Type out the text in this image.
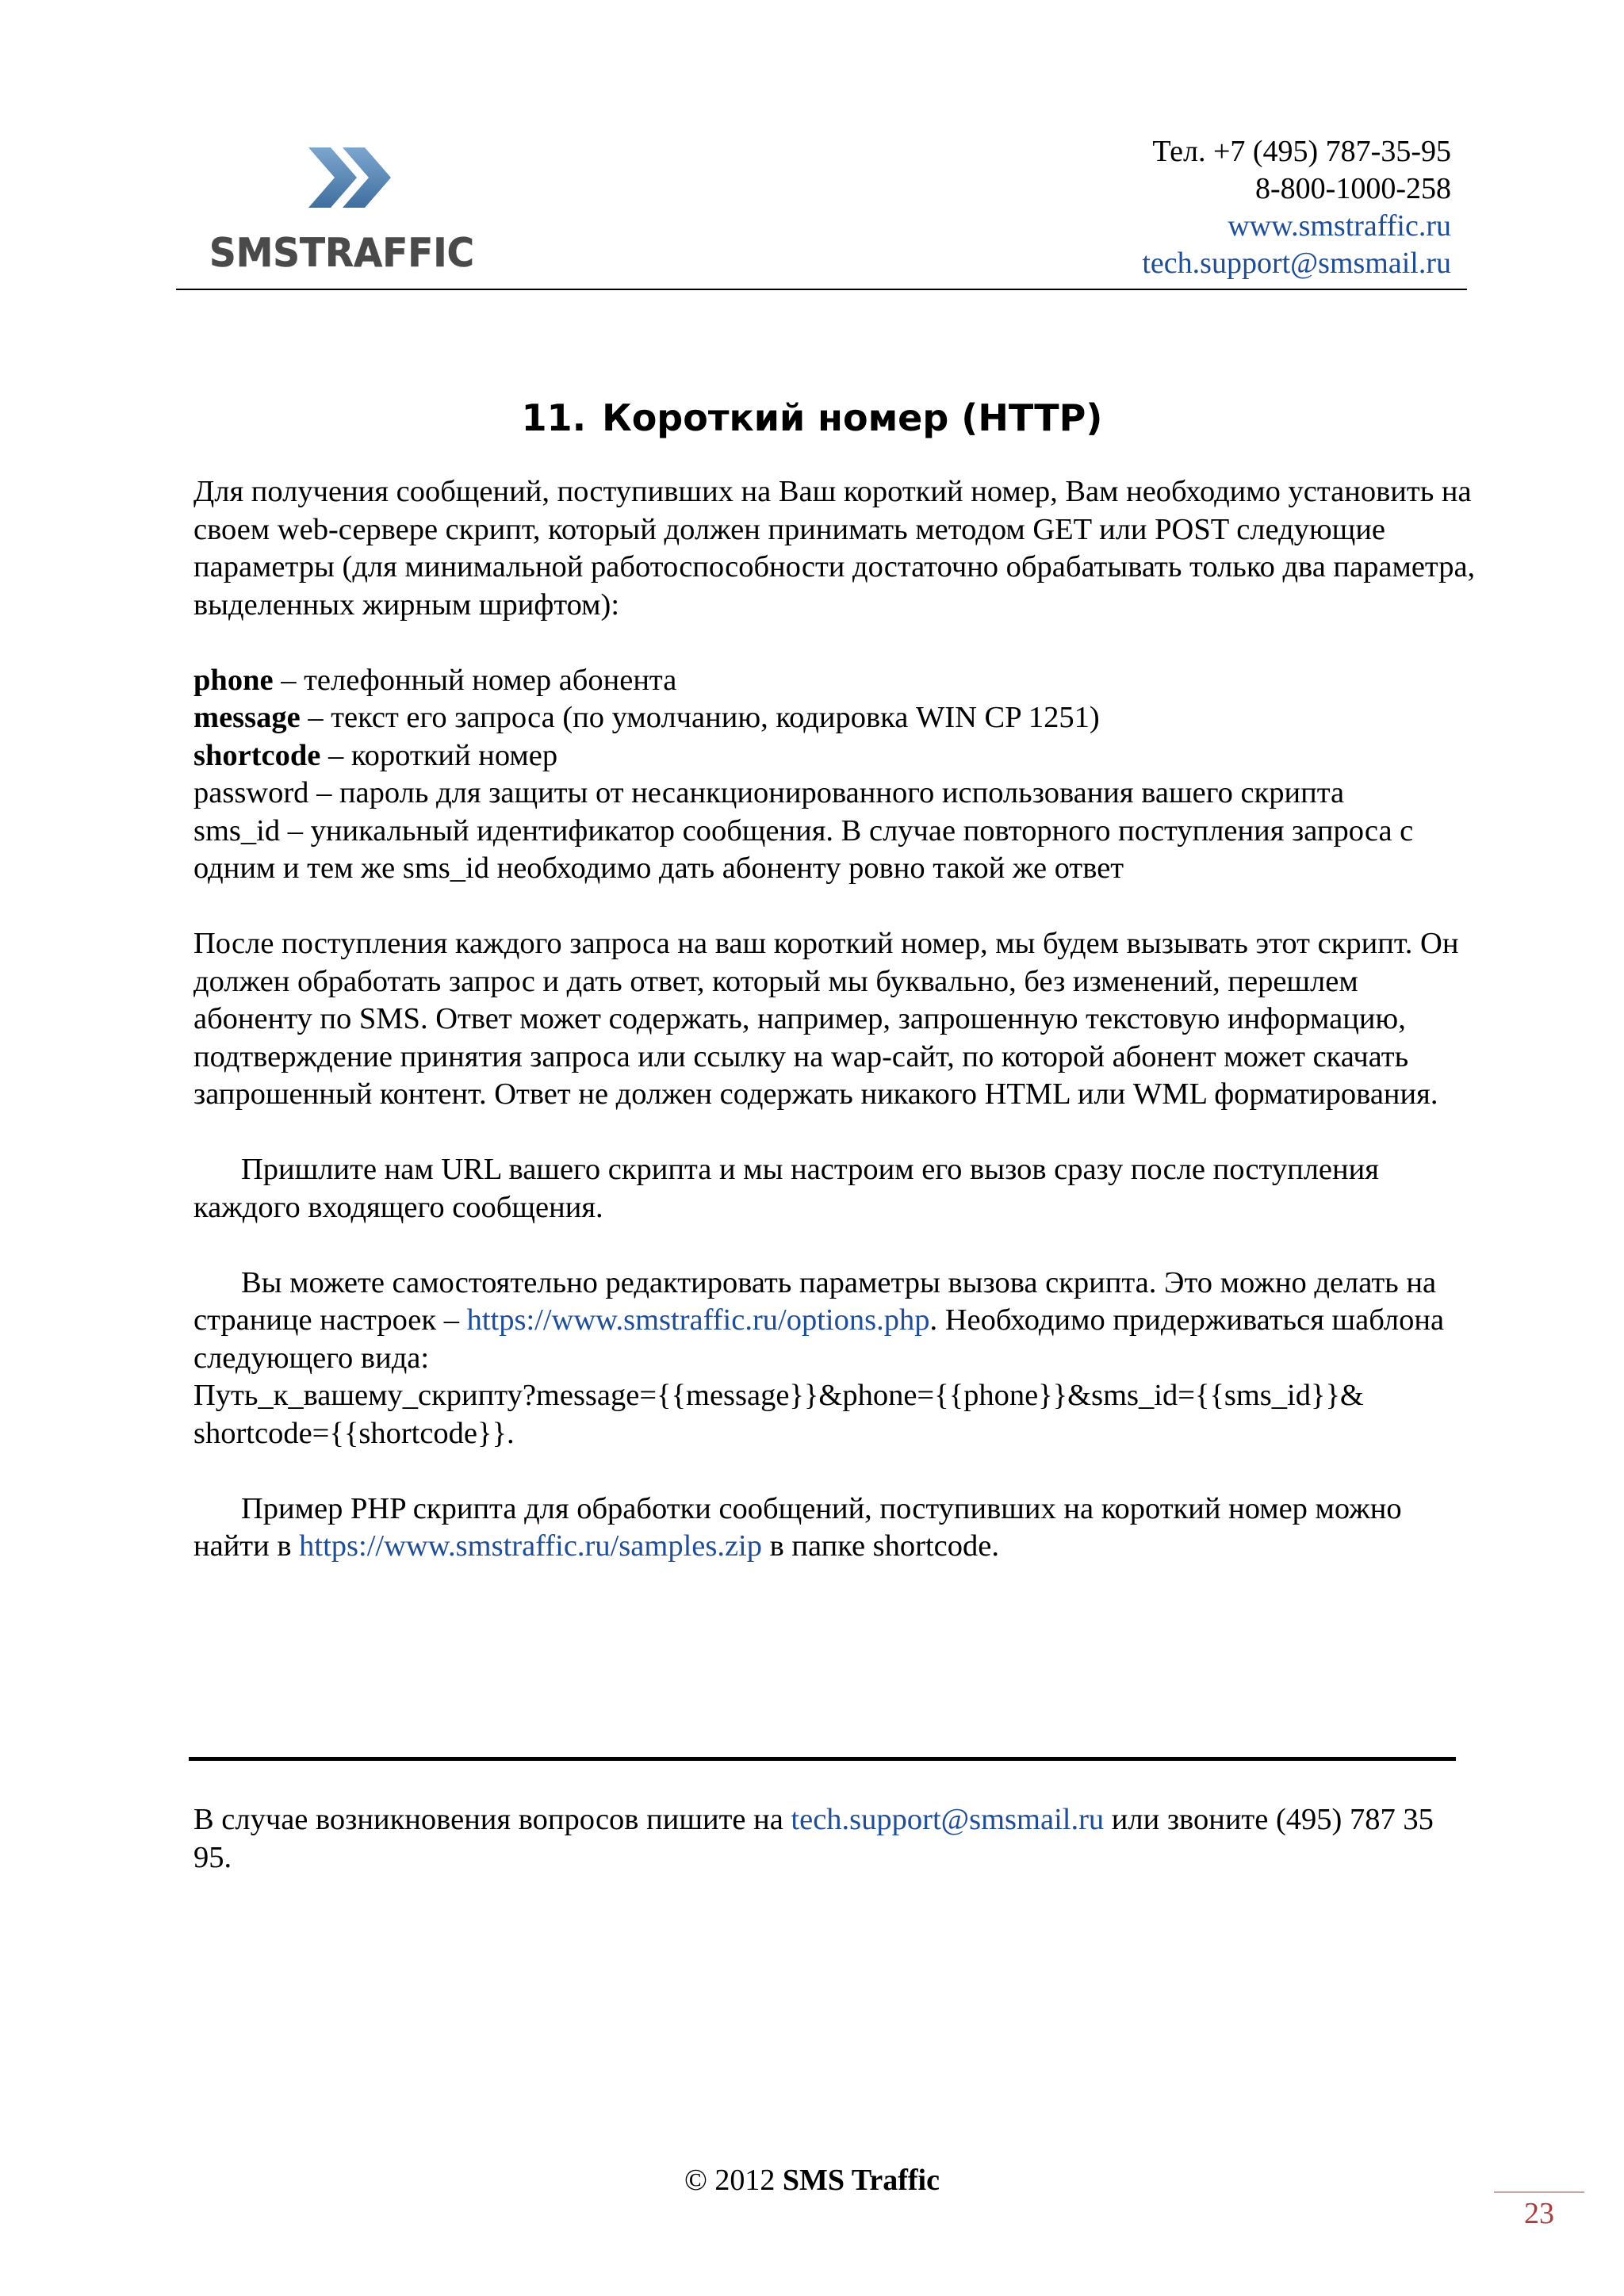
SMSTRAFFIC
Тел. +7 (495) 787-35-95
8-800-1000-258
www.smstraffic.ru
tech.support@smsmail.ru
11. Короткий номер (HTTP)

Для получения сообщений, поступивших на Ваш короткий номер, Вам необходимо установить на своем web-сервере скрипт, который должен принимать методом GET или POST следующие параметры (для минимальной работоспособности достаточно обрабатывать только два параметра, выделенных жирным шрифтом):

phone – телефонный номер абонента

message – текст его запроса (по умолчанию, кодировка WIN CP 1251)

shortcode – короткий номер

password – пароль для защиты от несанкционированного использования вашего скрипта

sms_id – уникальный идентификатор сообщения. В случае повторного поступления запроса с одним и тем же sms_id необходимо дать абоненту ровно такой же ответ

После поступления каждого запроса на ваш короткий номер, мы будем вызывать этот скрипт. Он должен обработать запрос и дать ответ, который мы буквально, без изменений, перешлем абоненту по SMS. Ответ может содержать, например, запрошенную текстовую информацию, подтверждение принятия запроса или ссылку на wap-сайт, по которой абонент может скачать запрошенный контент. Ответ не должен содержать никакого HTML или WML форматирования.

Пришлите нам URL вашего скрипта и мы настроим его вызов сразу после поступления каждого входящего сообщения.

Вы можете самостоятельно редактировать параметры вызова скрипта. Это можно делать на странице настроек – https://www.smstraffic.ru/options.php. Необходимо придерживаться шаблона следующего вида:

Путь_к_вашему_скрипту?message={{message}}&phone={{phone}}&sms_id={{sms_id}}&

shortcode={{shortcode}}.

Пример PHP скрипта для обработки сообщений, поступивших на короткий номер можно найти в https://www.smstraffic.ru/samples.zip в папке shortcode.

В случае возникновения вопросов пишите на tech.support@smsmail.ru или звоните (495) 787 35 95.
© 2012 SMS Traffic
23
